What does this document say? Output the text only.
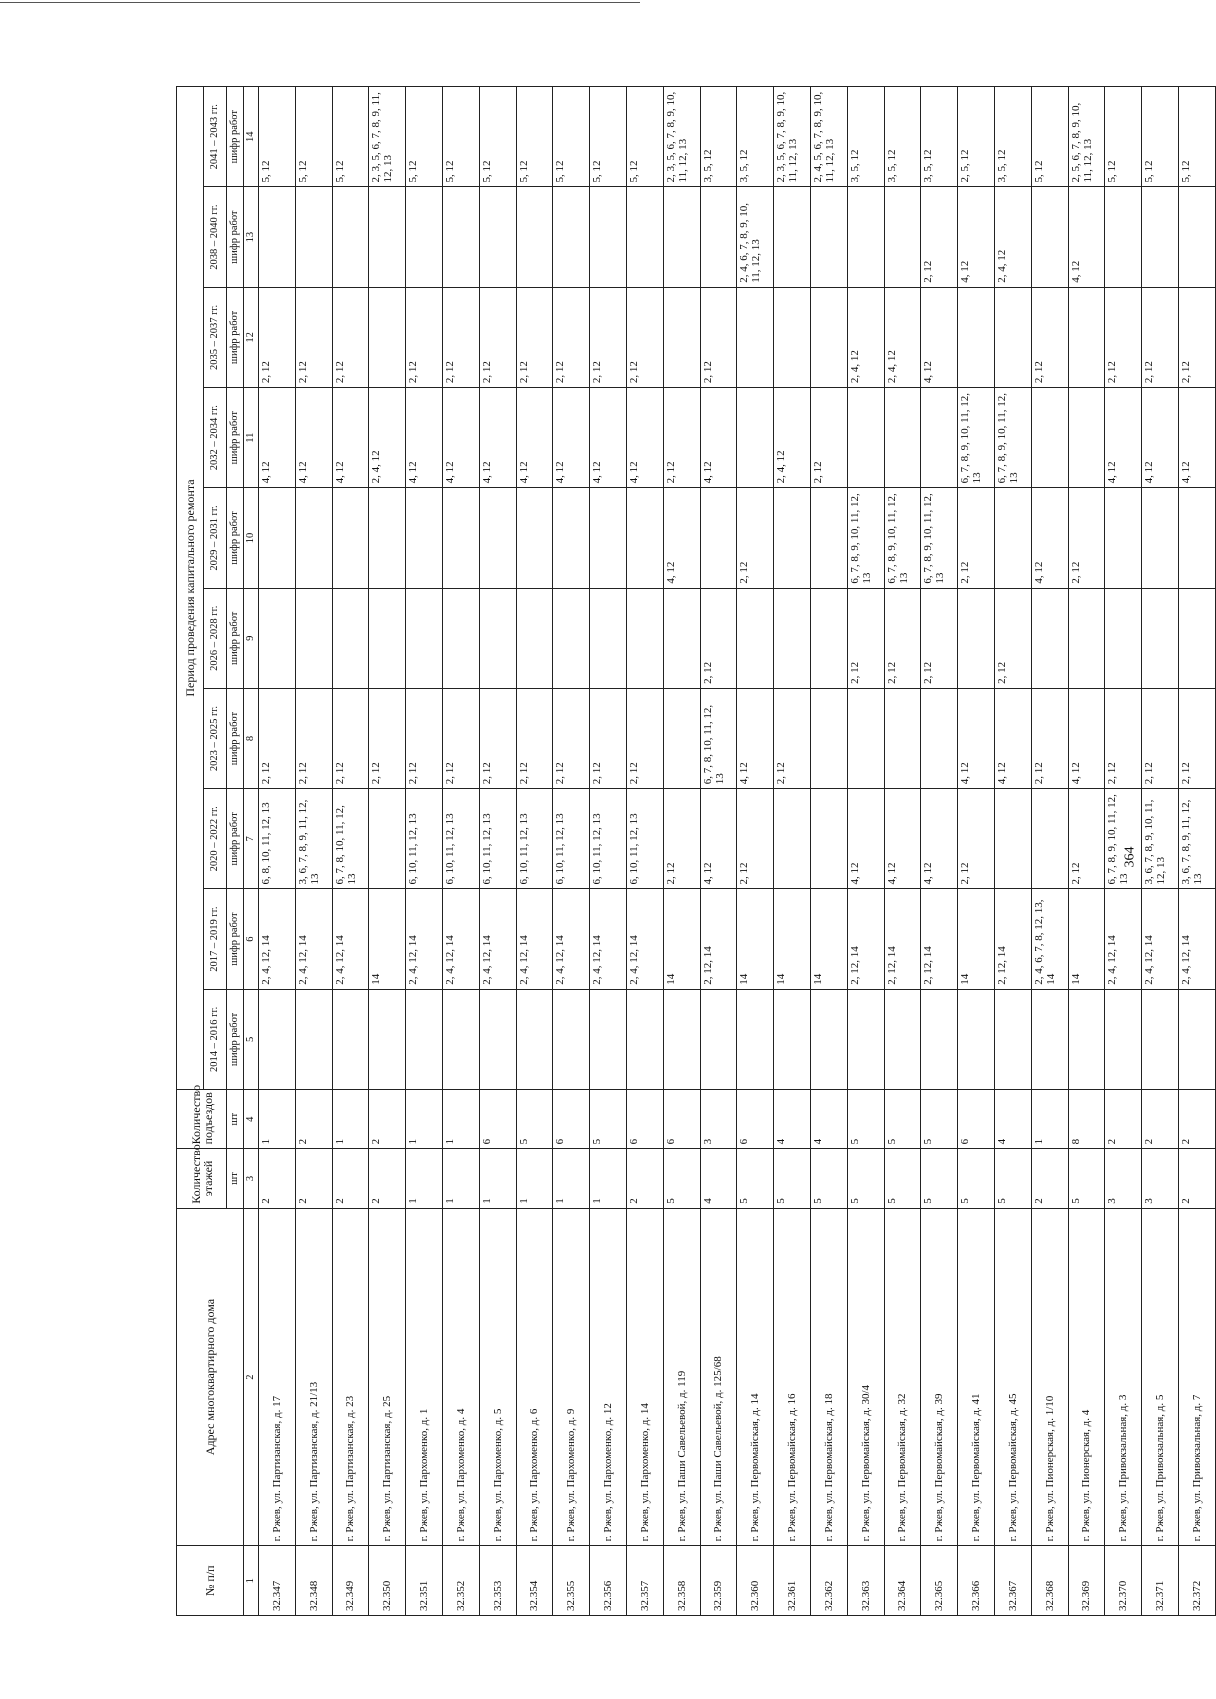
364
№ п/п	Адрес многоквартирного дома	Количество этажей	Количество подъездов	Период проведения капитального ремонта									
				2014 – 2016 гг.	2017 – 2019 гг.	2020 – 2022 гг.	2023 – 2025 гг.	2026 – 2028 гг.	2029 – 2031 гг.	2032 – 2034 гг.	2035 – 2037 гг.	2038 – 2040 гг.	2041 – 2043 гг.
		шт	шт	шифр работ	шифр работ	шифр работ	шифр работ	шифр работ	шифр работ	шифр работ	шифр работ	шифр работ	шифр работ
1	2	3	4	5	6	7	8	9	10	11	12	13	14
32.347	г. Ржев, ул. Партизанская, д. 17	2	1		2, 4, 12, 14	6, 8, 10, 11, 12, 13	2, 12			4, 12	2, 12		5, 12
32.348	г. Ржев, ул. Партизанская, д. 21/13	2	2		2, 4, 12, 14	3, 6, 7, 8, 9, 11, 12, 13	2, 12			4, 12	2, 12		5, 12
32.349	г. Ржев, ул. Партизанская, д. 23	2	1		2, 4, 12, 14	6, 7, 8, 10, 11, 12, 13	2, 12			4, 12	2, 12		5, 12
32.350	г. Ржев, ул. Партизанская, д. 25	2	2		14		2, 12			2, 4, 12			2, 3, 5, 6, 7, 8, 9, 11, 12, 13
32.351	г. Ржев, ул. Пархоменко, д. 1	1	1		2, 4, 12, 14	6, 10, 11, 12, 13	2, 12			4, 12	2, 12		5, 12
32.352	г. Ржев, ул. Пархоменко, д. 4	1	1		2, 4, 12, 14	6, 10, 11, 12, 13	2, 12			4, 12	2, 12		5, 12
32.353	г. Ржев, ул. Пархоменко, д. 5	1	6		2, 4, 12, 14	6, 10, 11, 12, 13	2, 12			4, 12	2, 12		5, 12
32.354	г. Ржев, ул. Пархоменко, д. 6	1	5		2, 4, 12, 14	6, 10, 11, 12, 13	2, 12			4, 12	2, 12		5, 12
32.355	г. Ржев, ул. Пархоменко, д. 9	1	6		2, 4, 12, 14	6, 10, 11, 12, 13	2, 12			4, 12	2, 12		5, 12
32.356	г. Ржев, ул. Пархоменко, д. 12	1	5		2, 4, 12, 14	6, 10, 11, 12, 13	2, 12			4, 12	2, 12		5, 12
32.357	г. Ржев, ул. Пархоменко, д. 14	2	6		2, 4, 12, 14	6, 10, 11, 12, 13	2, 12			4, 12	2, 12		5, 12
32.358	г. Ржев, ул. Паши Савельевой, д. 119	5	6		14	2, 12			4, 12	2, 12			2, 3, 5, 6, 7, 8, 9, 10, 11, 12, 13
32.359	г. Ржев, ул. Паши Савельевой, д. 125/68	4	3		2, 12, 14	4, 12	6, 7, 8, 10, 11, 12, 13	2, 12		4, 12	2, 12		3, 5, 12
32.360	г. Ржев, ул. Первомайская, д. 14	5	6		14	2, 12	4, 12		2, 12			2, 4, 6, 7, 8, 9, 10, 11, 12, 13	3, 5, 12
32.361	г. Ржев, ул. Первомайская, д. 16	5	4		14		2, 12			2, 4, 12			2, 3, 5, 6, 7, 8, 9, 10, 11, 12, 13
32.362	г. Ржев, ул. Первомайская, д. 18	5	4		14					2, 12			2, 4, 5, 6, 7, 8, 9, 10, 11, 12, 13
32.363	г. Ржев, ул. Первомайская, д. 30/4	5	5		2, 12, 14	4, 12		2, 12	6, 7, 8, 9, 10, 11, 12, 13		2, 4, 12		3, 5, 12
32.364	г. Ржев, ул. Первомайская, д. 32	5	5		2, 12, 14	4, 12		2, 12	6, 7, 8, 9, 10, 11, 12, 13		2, 4, 12		3, 5, 12
32.365	г. Ржев, ул. Первомайская, д. 39	5	5		2, 12, 14	4, 12		2, 12	6, 7, 8, 9, 10, 11, 12, 13		4, 12	2, 12	3, 5, 12
32.366	г. Ржев, ул. Первомайская, д. 41	5	6		14	2, 12	4, 12		2, 12	6, 7, 8, 9, 10, 11, 12, 13		4, 12	2, 5, 12
32.367	г. Ржев, ул. Первомайская, д. 45	5	4		2, 12, 14		4, 12	2, 12		6, 7, 8, 9, 10, 11, 12, 13		2, 4, 12	3, 5, 12
32.368	г. Ржев, ул. Пионерская, д. 1/10	2	1		2, 4, 6, 7, 8, 12, 13, 14		2, 12		4, 12		2, 12		5, 12
32.369	г. Ржев, ул. Пионерская, д. 4	5	8		14	2, 12	4, 12		2, 12			4, 12	2, 5, 6, 7, 8, 9, 10, 11, 12, 13
32.370	г. Ржев, ул. Привокзальная, д. 3	3	2		2, 4, 12, 14	6, 7, 8, 9, 10, 11, 12, 13	2, 12			4, 12	2, 12		5, 12
32.371	г. Ржев, ул. Привокзальная, д. 5	3	2		2, 4, 12, 14	3, 6, 7, 8, 9, 10, 11, 12, 13	2, 12			4, 12	2, 12		5, 12
32.372	г. Ржев, ул. Привокзальная, д. 7	2	2		2, 4, 12, 14	3, 6, 7, 8, 9, 11, 12, 13	2, 12			4, 12	2, 12		5, 12
